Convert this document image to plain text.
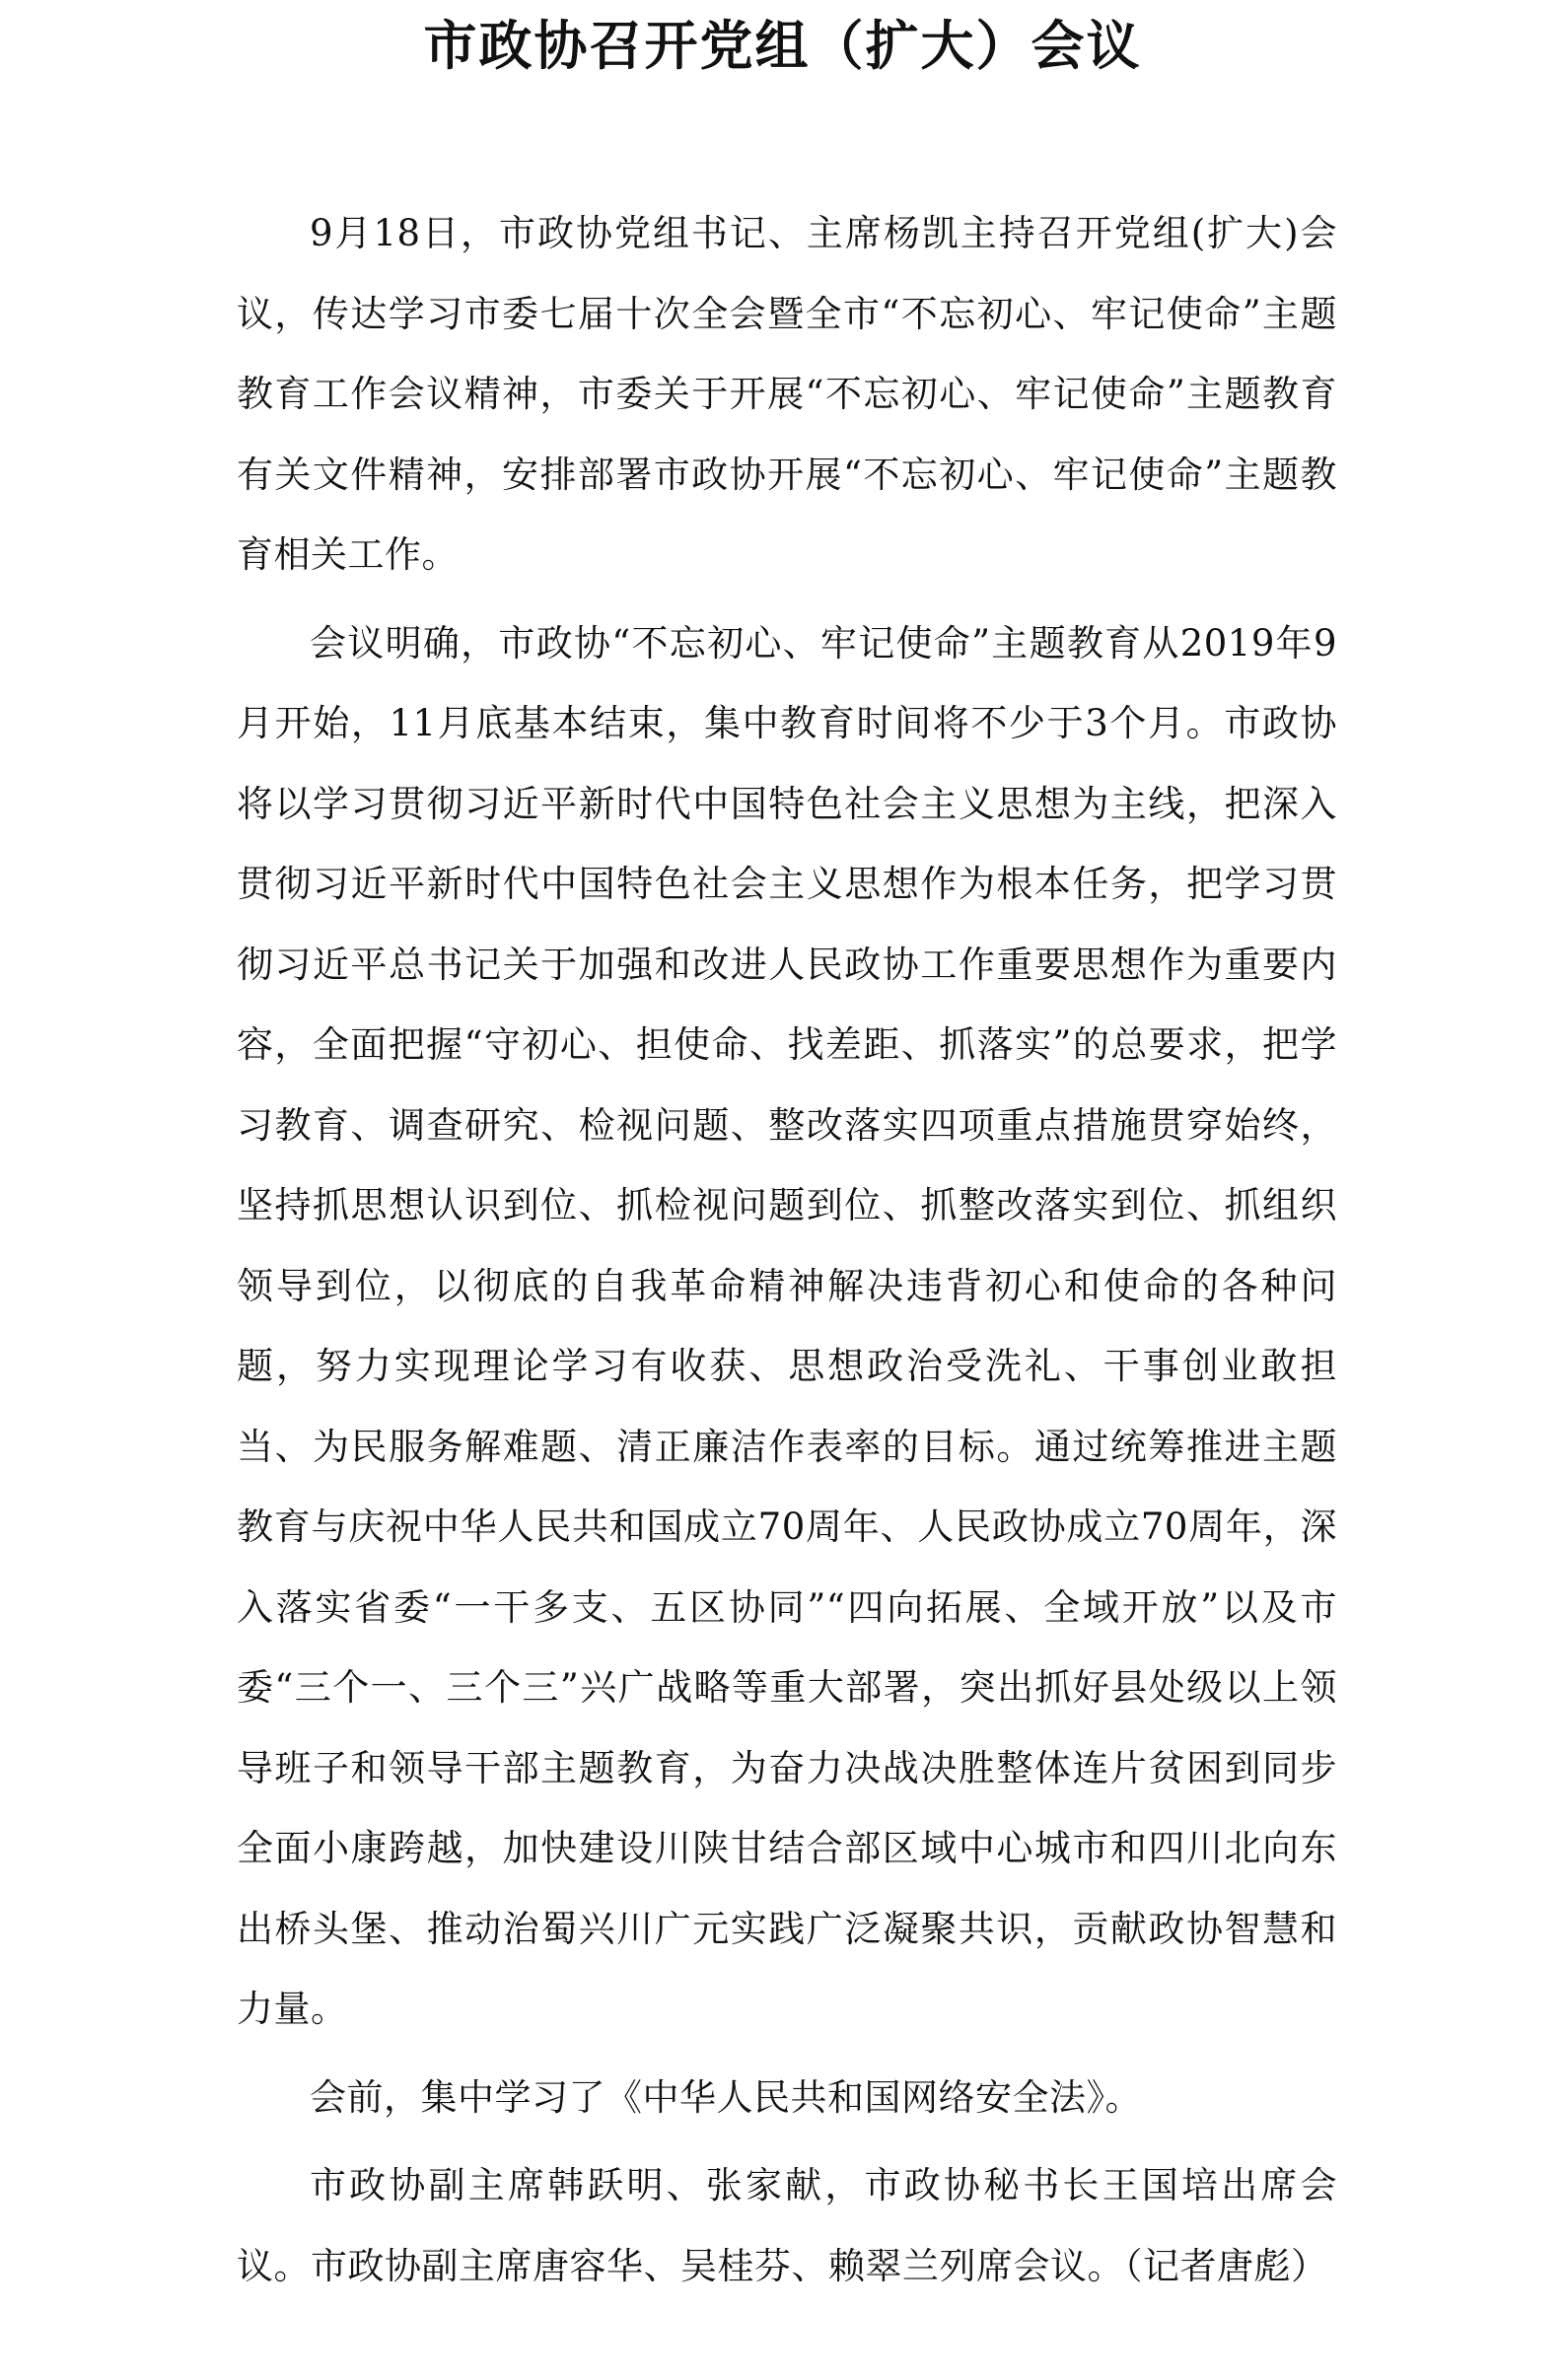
市政协召开党组（扩大）会议

9月18日，市政协党组书记、主席杨凯主持召开党组(扩大)会议，传达学习市委七届十次全会暨全市“不忘初心、牢记使命”主题教育工作会议精神，市委关于开展“不忘初心、牢记使命”主题教育有关文件精神，安排部署市政协开展“不忘初心、牢记使命”主题教育相关工作。

会议明确，市政协“不忘初心、牢记使命”主题教育从2019年9月开始，11月底基本结束，集中教育时间将不少于3个月。市政协将以学习贯彻习近平新时代中国特色社会主义思想为主线，把深入贯彻习近平新时代中国特色社会主义思想作为根本任务，把学习贯彻习近平总书记关于加强和改进人民政协工作重要思想作为重要内容，全面把握“守初心、担使命、找差距、抓落实”的总要求，把学习教育、调查研究、检视问题、整改落实四项重点措施贯穿始终，坚持抓思想认识到位、抓检视问题到位、抓整改落实到位、抓组织领导到位，以彻底的自我革命精神解决违背初心和使命的各种问题，努力实现理论学习有收获、思想政治受洗礼、干事创业敢担当、为民服务解难题、清正廉洁作表率的目标。通过统筹推进主题教育与庆祝中华人民共和国成立70周年、人民政协成立70周年，深入落实省委“一干多支、五区协同”“四向拓展、全域开放”以及市委“三个一、三个三”兴广战略等重大部署，突出抓好县处级以上领导班子和领导干部主题教育，为奋力决战决胜整体连片贫困到同步全面小康跨越，加快建设川陕甘结合部区域中心城市和四川北向东出桥头堡、推动治蜀兴川广元实践广泛凝聚共识，贡献政协智慧和力量。

会前，集中学习了《中华人民共和国网络安全法》。

市政协副主席韩跃明、张家献，市政协秘书长王国培出席会议。市政协副主席唐容华、吴桂芬、赖翠兰列席会议。（记者唐彪）
